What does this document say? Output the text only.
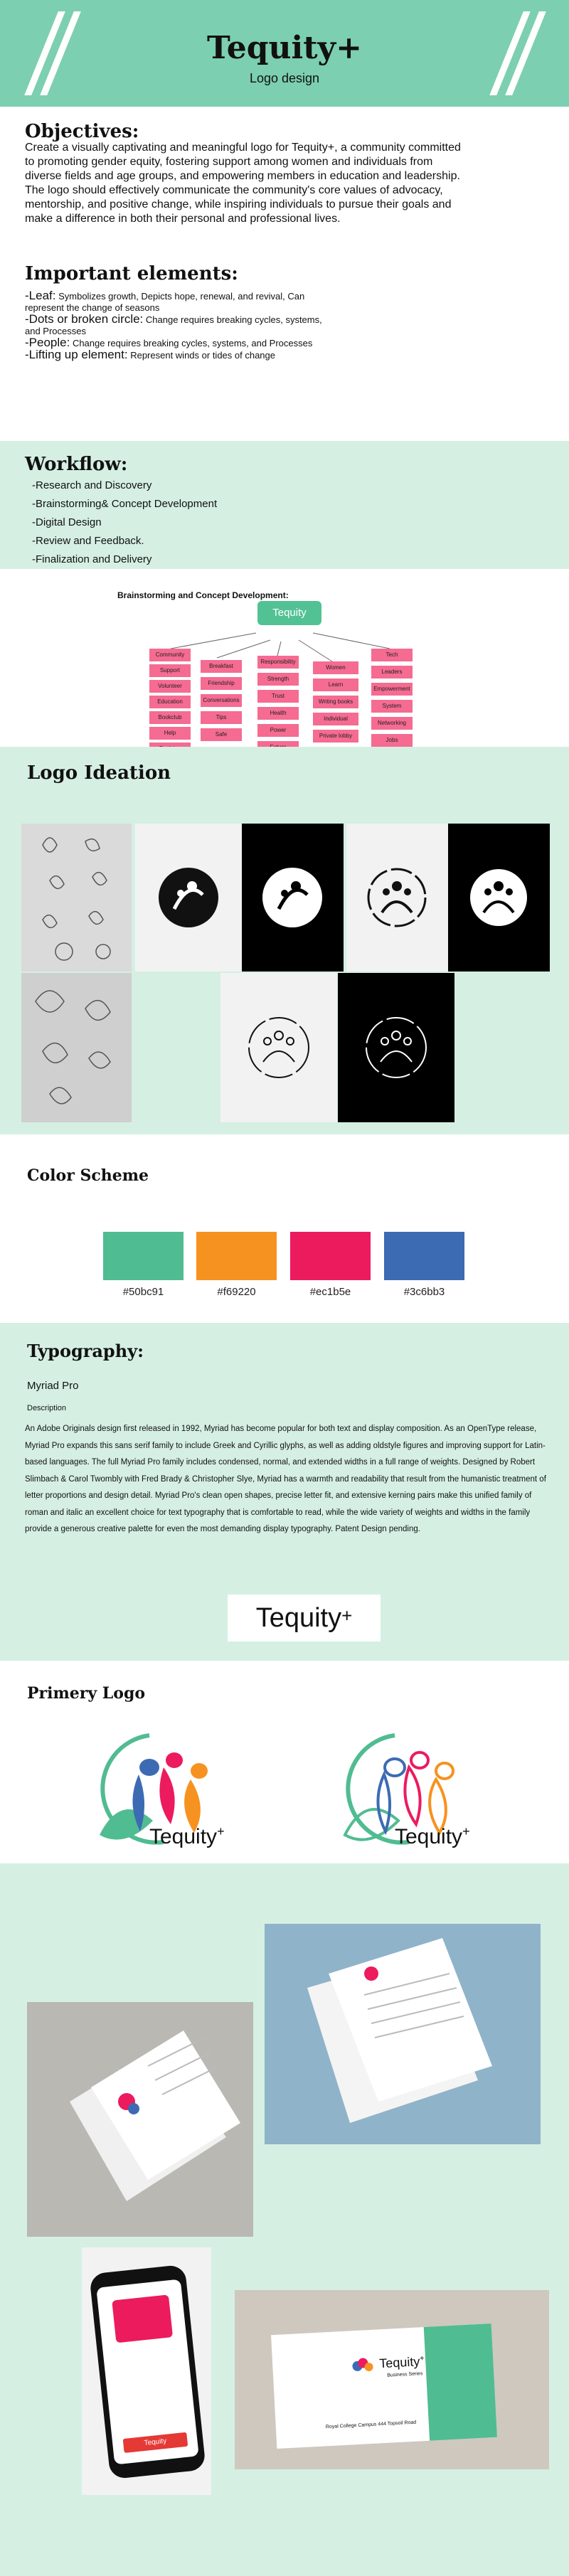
Tequity+
Logo design
Objectives:
Create a visually captivating and meaningful logo for Tequity+, a community committed
to promoting gender equity, fostering support among women and individuals from
diverse fields and age groups, and empowering members in education and leadership.
The logo should effectively communicate the community's core values of advocacy,
mentorship, and positive change, while inspiring individuals to pursue their goals and
make a difference in both their personal and professional lives.
Important elements:
-Leaf: Symbolizes growth, Depicts hope, renewal, and revival, Can
represent the change of seasons
-Dots or broken circle: Change requires breaking cycles, systems,
and Processes
-People: Change requires breaking cycles, systems, and Processes
-Lifting up element: Represent winds or tides of change
Workflow:
-Research and Discovery
-Brainstorming& Concept Development
-Digital Design
-Review and Feedback.
-Finalization and Delivery
Brainstorming and Concept Development:
Tequity
Community
Support
Volunteer
Education
Bookclub
Help
Breakfast
Friendship
Conversations
Tips
Safe
Responsibility
Strength
Trust
Health
Power
Women
Learn
Writing books
Individual
Private lobby
Tech
Leaders
Empowerment
System
Networking
Jobs
Logo Ideation
Color Scheme
#50bc91	#f69220	#ec1b5e	#3c6bb3
Typography:
Myriad Pro
Description
An Adobe Originals design first released in 1992, Myriad has become popular for both text and display composition. As an OpenType release, Myriad Pro expands this sans serif family to include Greek and Cyrillic glyphs, as well as adding oldstyle figures and improving support for Latin-based languages. The full Myriad Pro family includes condensed, normal, and extended widths in a full range of weights. Designed by Robert Slimbach & Carol Twombly with Fred Brady & Christopher Slye, Myriad has a warmth and readability that result from the humanistic treatment of letter proportions and design detail. Myriad Pro's clean open shapes, precise letter fit, and extensive kerning pairs make this unified family of roman and italic an excellent choice for text typography that is comfortable to read, while the wide variety of weights and widths in the family provide a generous creative palette for even the most demanding display typography. Patent Design pending.
Tequity+
Primery Logo
Tequity+	Tequity+
Tequity
Tequity+
Business Series
Royal College Campus 444 Topsoil Road
